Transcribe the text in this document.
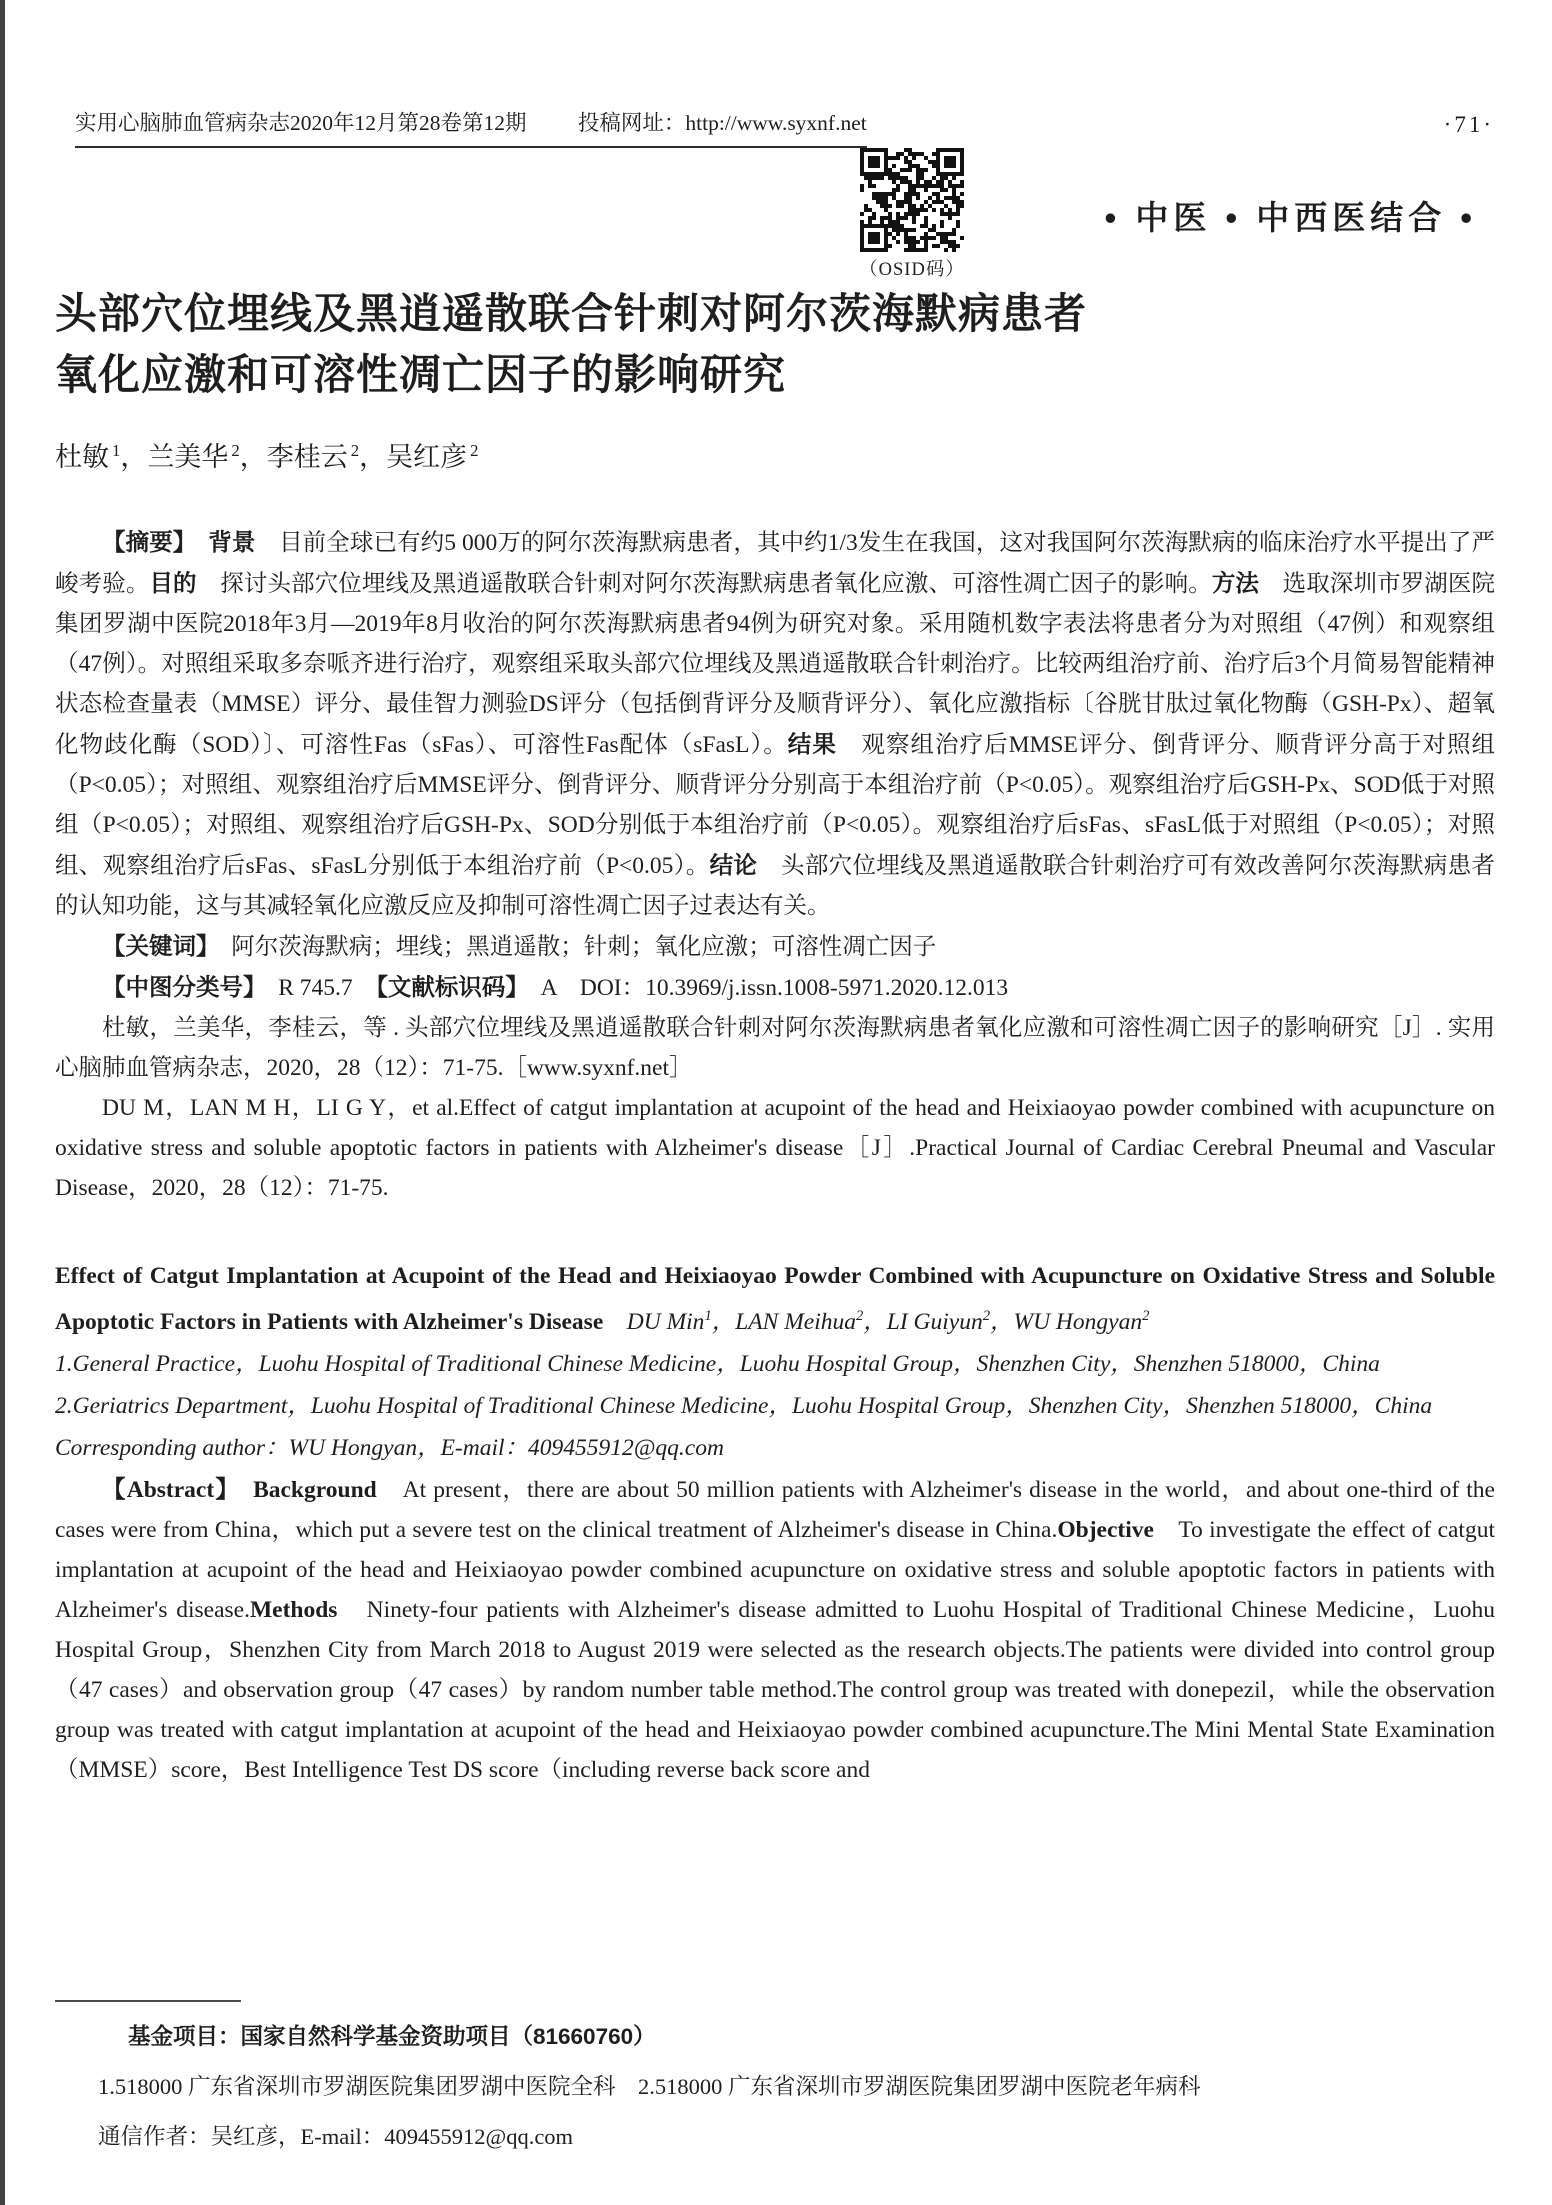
实用心脑肺血管病杂志2020年12月第28卷第12期 投稿网址：http://www.syxnf.net	·71·
（OSID码）
• 中医 • 中西医结合 •
头部穴位埋线及黑逍遥散联合针刺对阿尔茨海默病患者
氧化应激和可溶性凋亡因子的影响研究
杜敏 $^1$，兰美华 $^2$，李桂云 $^2$，吴红彦 $^2$

【摘要】　背景　目前全球已有约5 000万的阿尔茨海默病患者，其中约1/3发生在我国，这对我国阿尔茨海默病的临床治疗水平提出了严峻考验。目的　探讨头部穴位埋线及黑逍遥散联合针刺对阿尔茨海默病患者氧化应激、可溶性凋亡因子的影响。方法　选取深圳市罗湖医院集团罗湖中医院2018年3月—2019年8月收治的阿尔茨海默病患者94例为研究对象。采用随机数字表法将患者分为对照组（47例）和观察组（47例）。对照组采取多奈哌齐进行治疗，观察组采取头部穴位埋线及黑逍遥散联合针刺治疗。比较两组治疗前、治疗后3个月简易智能精神状态检查量表（MMSE）评分、最佳智力测验DS评分（包括倒背评分及顺背评分）、氧化应激指标〔谷胱甘肽过氧化物酶（GSH-Px）、超氧化物歧化酶（SOD）〕、可溶性Fas（sFas）、可溶性Fas配体（sFasL）。结果　观察组治疗后MMSE评分、倒背评分、顺背评分高于对照组（P<0.05）；对照组、观察组治疗后MMSE评分、倒背评分、顺背评分分别高于本组治疗前（P<0.05）。观察组治疗后GSH-Px、SOD低于对照组（P<0.05）；对照组、观察组治疗后GSH-Px、SOD分别低于本组治疗前（P<0.05）。观察组治疗后sFas、sFasL低于对照组（P<0.05）；对照组、观察组治疗后sFas、sFasL分别低于本组治疗前（P<0.05）。结论　头部穴位埋线及黑逍遥散联合针刺治疗可有效改善阿尔茨海默病患者的认知功能，这与其减轻氧化应激反应及抑制可溶性凋亡因子过表达有关。

【关键词】　阿尔茨海默病；埋线；黑逍遥散；针刺；氧化应激；可溶性凋亡因子

【中图分类号】　R 745.7　【文献标识码】　A　DOI：10.3969/j.issn.1008-5971.2020.12.013

杜敏，兰美华，李桂云，等 . 头部穴位埋线及黑逍遥散联合针刺对阿尔茨海默病患者氧化应激和可溶性凋亡因子的影响研究［J］. 实用心脑肺血管病杂志，2020，28（12）：71-75.［www.syxnf.net］

DU M，LAN M H，LI G Y，et al.Effect of catgut implantation at acupoint of the head and Heixiaoyao powder combined with acupuncture on oxidative stress and soluble apoptotic factors in patients with Alzheimer's disease［J］.Practical Journal of Cardiac Cerebral Pneumal and Vascular Disease，2020，28（12）：71-75.

Effect of Catgut Implantation at Acupoint of the Head and Heixiaoyao Powder Combined with Acupuncture on Oxidative Stress and Soluble Apoptotic Factors in Patients with Alzheimer's Disease　 DU Min$^1$，LAN Meihua$^2$，LI Guiyun$^2$，WU Hongyan$^2$

1.General Practice，Luohu Hospital of Traditional Chinese Medicine，Luohu Hospital Group，Shenzhen City，Shenzhen 518000，China

2.Geriatrics Department，Luohu Hospital of Traditional Chinese Medicine，Luohu Hospital Group，Shenzhen City，Shenzhen 518000，China

Corresponding author：WU Hongyan，E-mail：409455912@qq.com

【Abstract】　 Background　At present，there are about 50 million patients with Alzheimer's disease in the world，and about one-third of the cases were from China，which put a severe test on the clinical treatment of Alzheimer's disease in China.Objective　To investigate the effect of catgut implantation at acupoint of the head and Heixiaoyao powder combined acupuncture on oxidative stress and soluble apoptotic factors in patients with Alzheimer's disease.Methods　Ninety-four patients with Alzheimer's disease admitted to Luohu Hospital of Traditional Chinese Medicine，Luohu Hospital Group，Shenzhen City from March 2018 to August 2019 were selected as the research objects.The patients were divided into control group（47 cases）and observation group（47 cases）by random number table method.The control group was treated with donepezil，while the observation group was treated with catgut implantation at acupoint of the head and Heixiaoyao powder combined acupuncture.The Mini Mental State Examination（MMSE）score，Best Intelligence Test DS score（including reverse back score and

基金项目：国家自然科学基金资助项目（81660760）
1.518000 广东省深圳市罗湖医院集团罗湖中医院全科　2.518000 广东省深圳市罗湖医院集团罗湖中医院老年病科
通信作者：吴红彦，E-mail：409455912@qq.com
